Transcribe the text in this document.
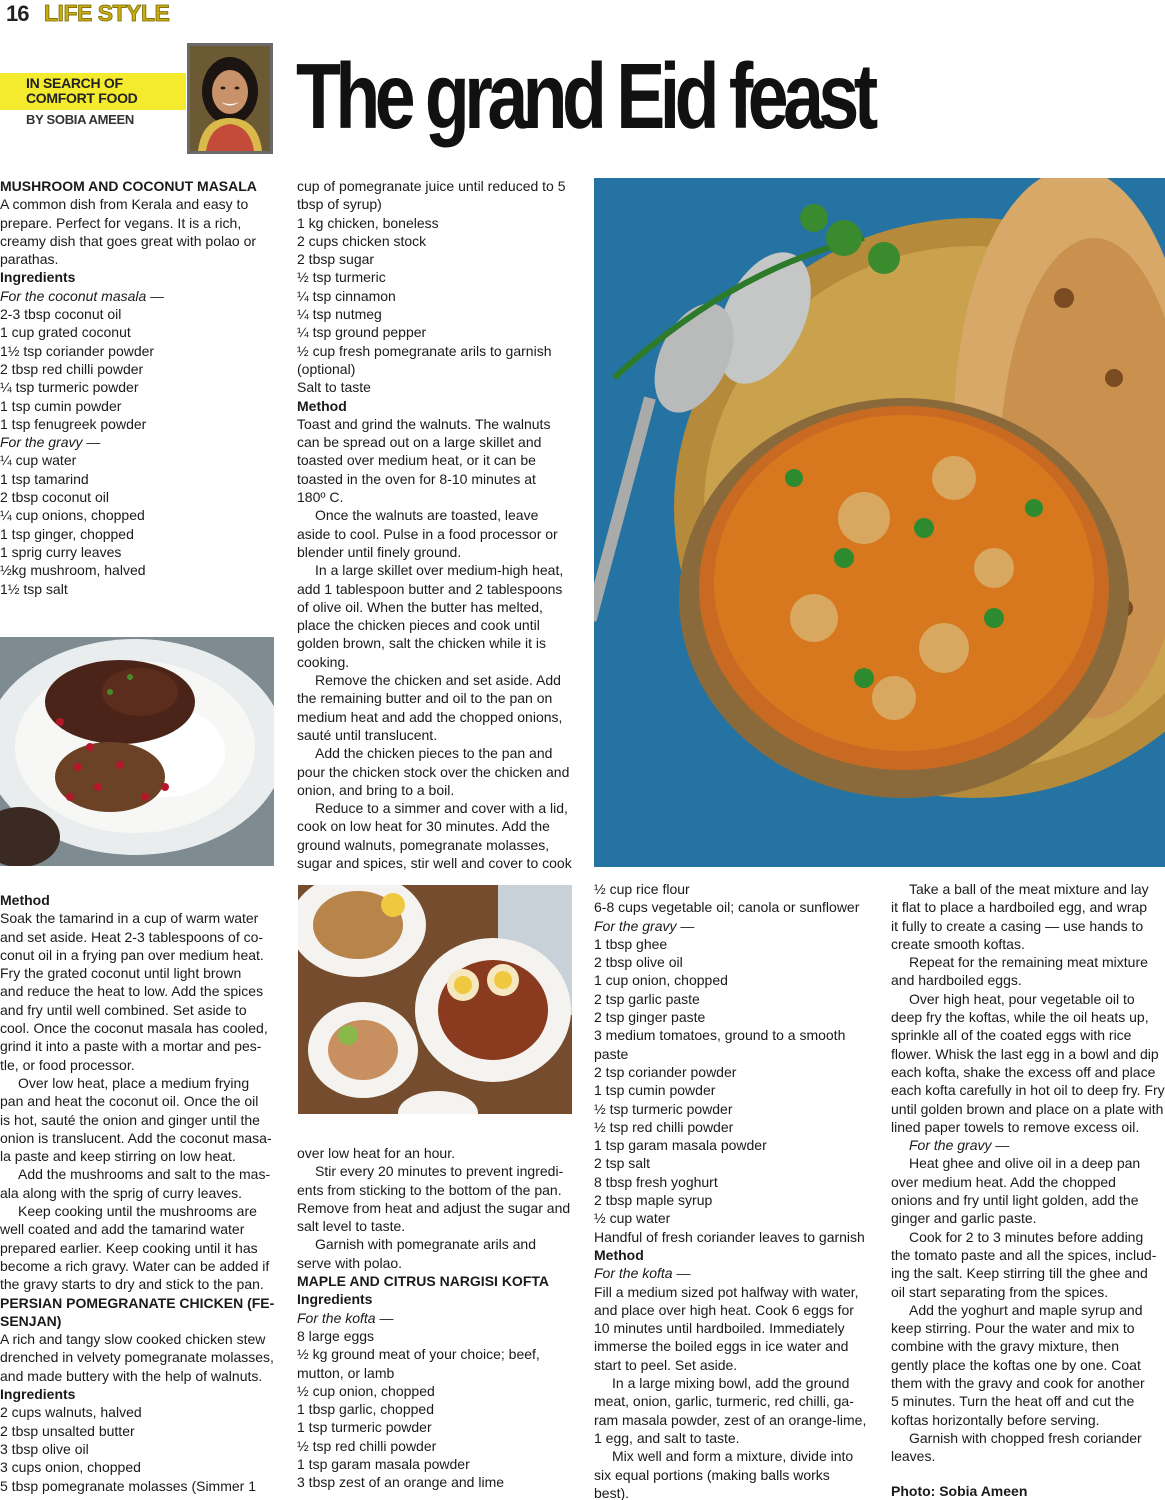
16 LIFE STYLE
IN SEARCH OF COMFORT FOOD
BY SOBIA AMEEN The grand Eid feast

MUSHROOM AND COCONUT MASALA

A common dish from Kerala and easy to

prepare. Perfect for vegans. It is a rich,

creamy dish that goes great with polao or

parathas.

Ingredients

For the coconut masala —

2-3 tbsp coconut oil

1 cup grated coconut

1½ tsp coriander powder

2 tbsp red chilli powder

¼ tsp turmeric powder

1 tsp cumin powder

1 tsp fenugreek powder

For the gravy —

¼ cup water

1 tsp tamarind

2 tbsp coconut oil

¼ cup onions, chopped

1 tsp ginger, chopped

1 sprig curry leaves

½kg mushroom, halved

1½ tsp salt

Method

Soak the tamarind in a cup of warm water

and set aside. Heat 2-3 tablespoons of co-

conut oil in a frying pan over medium heat.

Fry the grated coconut until light brown

and reduce the heat to low. Add the spices

and fry until well combined. Set aside to

cool. Once the coconut masala has cooled,

grind it into a paste with a mortar and pes-

tle, or food processor.

Over low heat, place a medium frying

pan and heat the coconut oil. Once the oil

is hot, sauté the onion and ginger until the

onion is translucent. Add the coconut masa-

la paste and keep stirring on low heat.

Add the mushrooms and salt to the mas-

ala along with the sprig of curry leaves.

Keep cooking until the mushrooms are

well coated and add the tamarind water

prepared earlier. Keep cooking until it has

become a rich gravy. Water can be added if

the gravy starts to dry and stick to the pan.

PERSIAN POMEGRANATE CHICKEN (FE-

SENJAN)

A rich and tangy slow cooked chicken stew

drenched in velvety pomegranate molasses,

and made buttery with the help of walnuts.

Ingredients

2 cups walnuts, halved

2 tbsp unsalted butter

3 tbsp olive oil

3 cups onion, chopped

5 tbsp pomegranate molasses (Simmer 1

cup of pomegranate juice until reduced to 5

tbsp of syrup)

1 kg chicken, boneless

2 cups chicken stock

2 tbsp sugar

½ tsp turmeric

¼ tsp cinnamon

¼ tsp nutmeg

¼ tsp ground pepper

½ cup fresh pomegranate arils to garnish

(optional)

Salt to taste

Method

Toast and grind the walnuts. The walnuts

can be spread out on a large skillet and

toasted over medium heat, or it can be

toasted in the oven for 8-10 minutes at

180º C.

Once the walnuts are toasted, leave

aside to cool. Pulse in a food processor or

blender until finely ground.

In a large skillet over medium-high heat,

add 1 tablespoon butter and 2 tablespoons

of olive oil. When the butter has melted,

place the chicken pieces and cook until

golden brown, salt the chicken while it is

cooking.

Remove the chicken and set aside. Add

the remaining butter and oil to the pan on

medium heat and add the chopped onions,

sauté until translucent.

Add the chicken pieces to the pan and

pour the chicken stock over the chicken and

onion, and bring to a boil.

Reduce to a simmer and cover with a lid,

cook on low heat for 30 minutes. Add the

ground walnuts, pomegranate molasses,

sugar and spices, stir well and cover to cook

over low heat for an hour.

Stir every 20 minutes to prevent ingredi-

ents from sticking to the bottom of the pan.

Remove from heat and adjust the sugar and

salt level to taste.

Garnish with pomegranate arils and

serve with polao.

MAPLE AND CITRUS NARGISI KOFTA

Ingredients

For the kofta —

8 large eggs

½ kg ground meat of your choice; beef,

mutton, or lamb

½ cup onion, chopped

1 tbsp garlic, chopped

1 tsp turmeric powder

½ tsp red chilli powder

1 tsp garam masala powder

3 tbsp zest of an orange and lime

½ cup rice flour

6-8 cups vegetable oil; canola or sunflower

For the gravy —

1 tbsp ghee

2 tbsp olive oil

1 cup onion, chopped

2 tsp garlic paste

2 tsp ginger paste

3 medium tomatoes, ground to a smooth

paste

2 tsp coriander powder

1 tsp cumin powder

½ tsp turmeric powder

½ tsp red chilli powder

1 tsp garam masala powder

2 tsp salt

8 tbsp fresh yoghurt

2 tbsp maple syrup

½ cup water

Handful of fresh coriander leaves to garnish

Method

For the kofta —

Fill a medium sized pot halfway with water,

and place over high heat. Cook 6 eggs for

10 minutes until hardboiled. Immediately

immerse the boiled eggs in ice water and

start to peel. Set aside.

In a large mixing bowl, add the ground

meat, onion, garlic, turmeric, red chilli, ga-

ram masala powder, zest of an orange-lime,

1 egg, and salt to taste.

Mix well and form a mixture, divide into

six equal portions (making balls works

best).

Take a ball of the meat mixture and lay

it flat to place a hardboiled egg, and wrap

it fully to create a casing — use hands to

create smooth koftas.

Repeat for the remaining meat mixture

and hardboiled eggs.

Over high heat, pour vegetable oil to

deep fry the koftas, while the oil heats up,

sprinkle all of the coated eggs with rice

flower. Whisk the last egg in a bowl and dip

each kofta, shake the excess off and place

each kofta carefully in hot oil to deep fry. Fry

until golden brown and place on a plate with

lined paper towels to remove excess oil.

For the gravy —

Heat ghee and olive oil in a deep pan

over medium heat. Add the chopped

onions and fry until light golden, add the

ginger and garlic paste.

Cook for 2 to 3 minutes before adding

the tomato paste and all the spices, includ-

ing the salt. Keep stirring till the ghee and

oil start separating from the spices.

Add the yoghurt and maple syrup and

keep stirring. Pour the water and mix to

combine with the gravy mixture, then

gently place the koftas one by one. Coat

them with the gravy and cook for another

5 minutes. Turn the heat off and cut the

koftas horizontally before serving.

Garnish with chopped fresh coriander

leaves.

Photo: Sobia Ameen
